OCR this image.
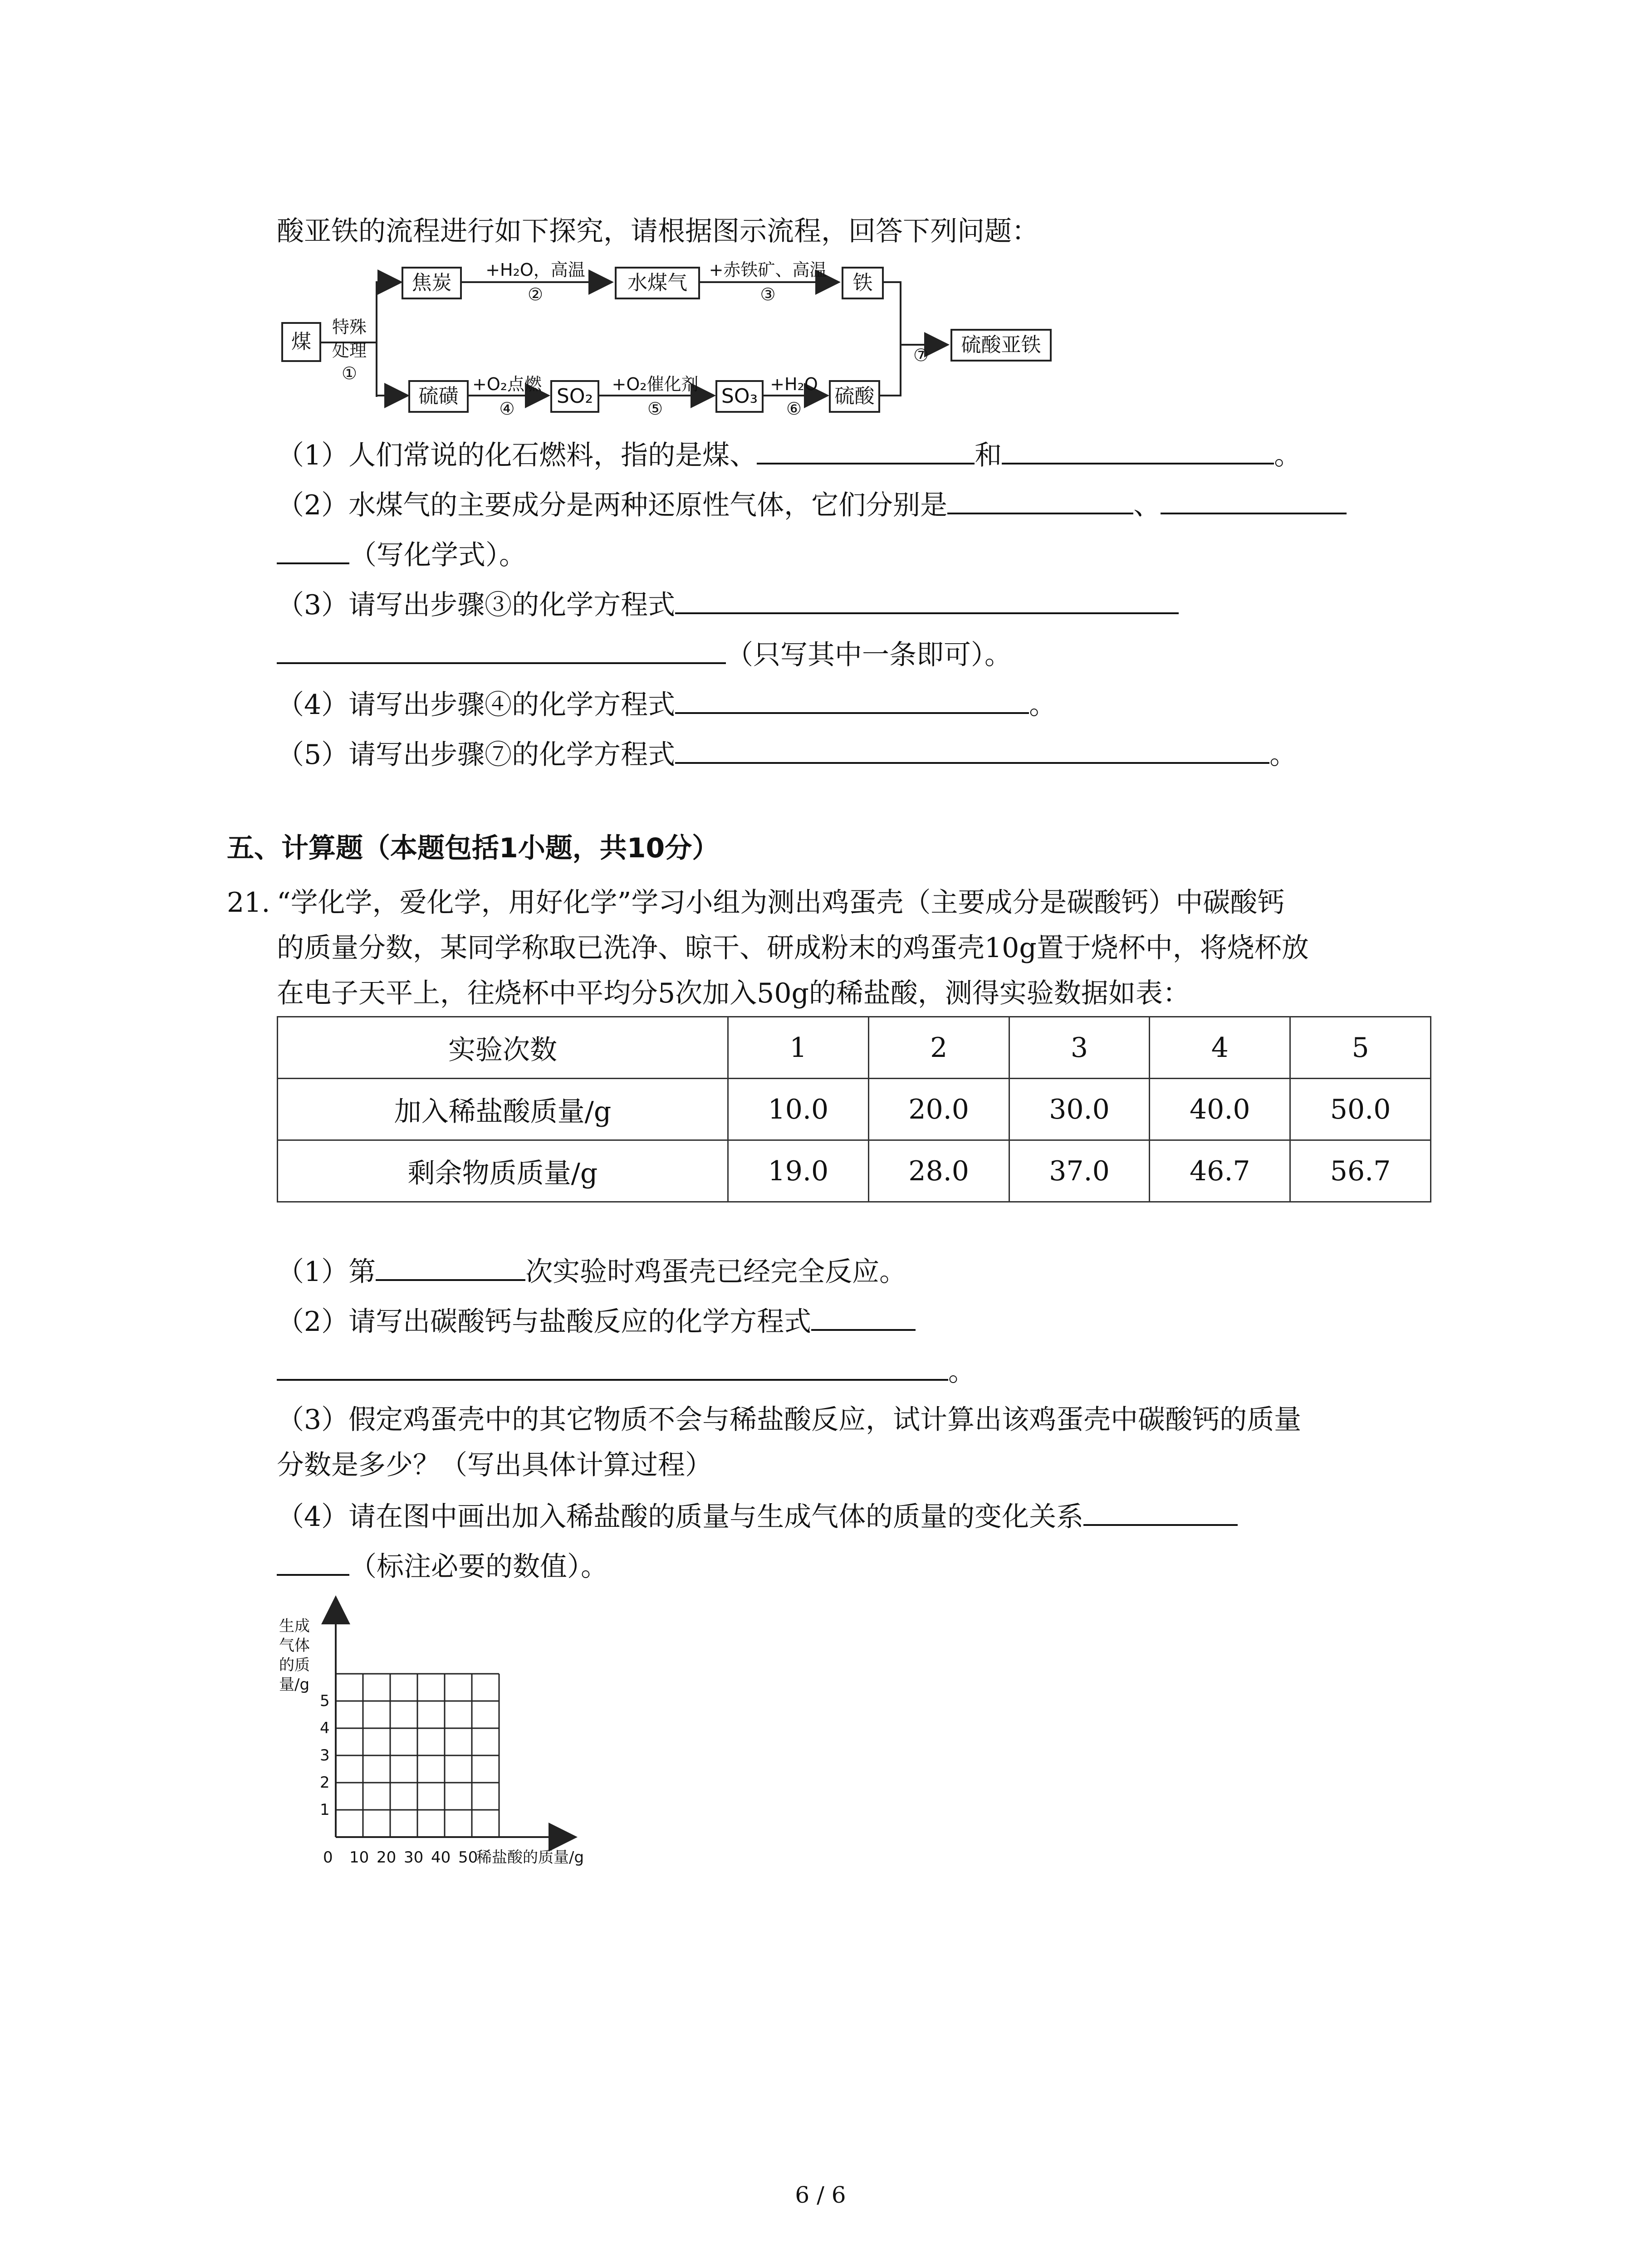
酸亚铁的流程进行如下探究，请根据图示流程，回答下列问题：
煤
特殊
处理
①
焦炭
+H₂O，高温
②	水煤气
+赤铁矿、高温
③	铁
⑦	硫酸亚铁
硫磺
+O₂点燃
④
SO₂
+O₂催化剂
⑤
SO₃
+H₂O
⑥
硫酸
（1）人们常说的化石燃料，指的是煤、	和	。
（2）水煤气的主要成分是两种还原性气体，它们分别是	、
（写化学式）。
（3）请写出步骤③的化学方程式
（只写其中一条即可）。
（4）请写出步骤④的化学方程式	。
（5）请写出步骤⑦的化学方程式	。
五、计算题（本题包括1小题，共10分）
21. “学化学，爱化学，用好化学”学习小组为测出鸡蛋壳（主要成分是碳酸钙）中碳酸钙
的质量分数，某同学称取已洗净、晾干、研成粉末的鸡蛋壳10g置于烧杯中，将烧杯放
在电子天平上，往烧杯中平均分5次加入50g的稀盐酸，测得实验数据如表：
实验次数	1	2	3	4	5
加入稀盐酸质量/g	10.0	20.0	30.0	40.0	50.0
剩余物质质量/g	19.0	28.0	37.0	46.7	56.7
（1）第	次实验时鸡蛋壳已经完全反应。
（2）请写出碳酸钙与盐酸反应的化学方程式
。
（3）假定鸡蛋壳中的其它物质不会与稀盐酸反应，试计算出该鸡蛋壳中碳酸钙的质量
分数是多少？（写出具体计算过程）
（4）请在图中画出加入稀盐酸的质量与生成气体的质量的变化关系
（标注必要的数值）。
生成
气体
的质
量/g
1
2
3
4
5
0 10 20 30 40 50
稀盐酸的质量/g
6 / 6
